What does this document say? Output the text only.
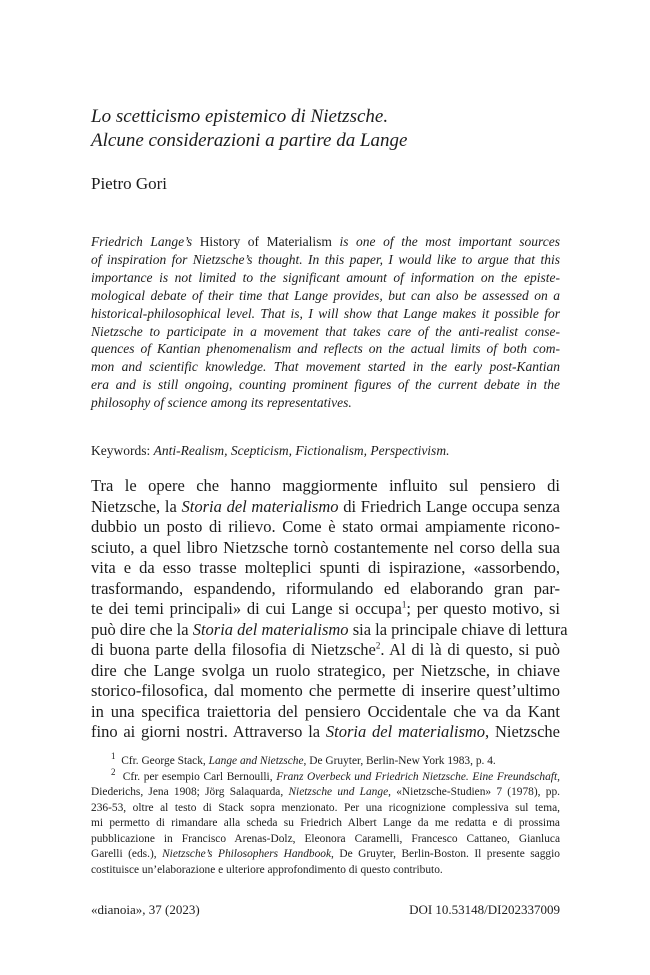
Lo scetticismo epistemico di Nietzsche.
Alcune considerazioni a partire da Lange
Pietro Gori
Friedrich Lange’s History of Materialism is one of the most important sources
of inspiration for Nietzsche’s thought. In this paper, I would like to argue that this
importance is not limited to the significant amount of information on the episte-
mological debate of their time that Lange provides, but can also be assessed on a
historical-philosophical level. That is, I will show that Lange makes it possible for
Nietzsche to participate in a movement that takes care of the anti-realist conse-
quences of Kantian phenomenalism and reflects on the actual limits of both com-
mon and scientific knowledge. That movement started in the early post-Kantian
era and is still ongoing, counting prominent figures of the current debate in the
philosophy of science among its representatives.
Keywords: Anti-Realism, Scepticism, Fictionalism, Perspectivism.
Tra le opere che hanno maggiormente influito sul pensiero di
Nietzsche, la Storia del materialismo di Friedrich Lange occupa senza
dubbio un posto di rilievo. Come è stato ormai ampiamente ricono-
sciuto, a quel libro Nietzsche tornò costantemente nel corso della sua
vita e da esso trasse molteplici spunti di ispirazione, «assorbendo,
trasformando, espandendo, riformulando ed elaborando gran par-
te dei temi principali» di cui Lange si occupa$^1$; per questo motivo, si
può dire che la Storia del materialismo sia la principale chiave di lettura
di buona parte della filosofia di Nietzsche$^2$. Al di là di questo, si può
dire che Lange svolga un ruolo strategico, per Nietzsche, in chiave
storico-filosofica, dal momento che permette di inserire quest’ultimo
in una specifica traiettoria del pensiero Occidentale che va da Kant
fino ai giorni nostri. Attraverso la Storia del materialismo, Nietzsche
$^1$ Cfr. George Stack, Lange and Nietzsche, De Gruyter, Berlin-New York 1983, p. 4.
$^2$ Cfr. per esempio Carl Bernoulli, Franz Overbeck und Friedrich Nietzsche. Eine Freundschaft,
Diederichs, Jena 1908; Jörg Salaquarda, Nietzsche und Lange, «Nietzsche-Studien» 7 (1978), pp.
236-53, oltre al testo di Stack sopra menzionato. Per una ricognizione complessiva sul tema,
mi permetto di rimandare alla scheda su Friedrich Albert Lange da me redatta e di prossima
pubblicazione in Francisco Arenas-Dolz, Eleonora Caramelli, Francesco Cattaneo, Gianluca
Garelli (eds.), Nietzsche’s Philosophers Handbook, De Gruyter, Berlin-Boston. Il presente saggio
costituisce un’elaborazione e ulteriore approfondimento di questo contributo.
«dianoia», 37 (2023)	DOI 10.53148/DI202337009
